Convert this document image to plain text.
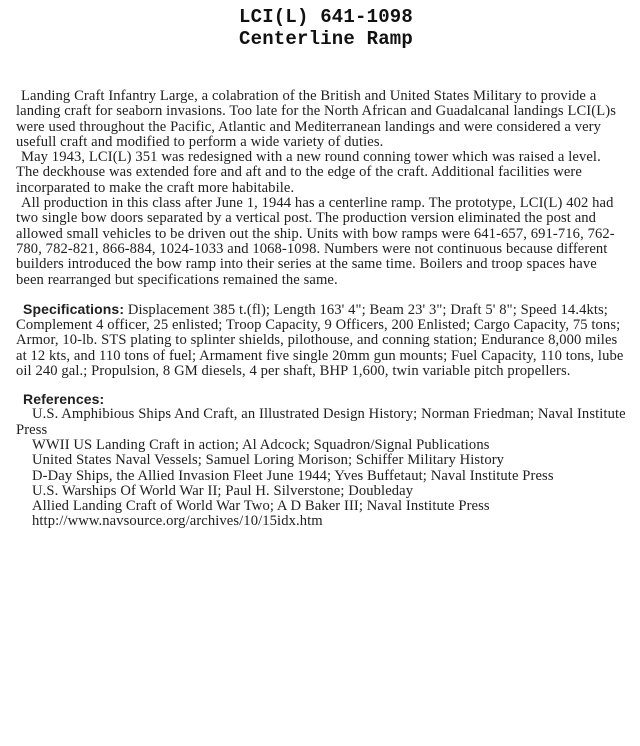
LCI(L) 641-1098
Centerline Ramp

Landing Craft Infantry Large, a colabration of the British and United States Military to provide a landing craft for seaborn invasions. Too late for the North African and Guadalcanal landings LCI(L)s were used throughout the Pacific, Atlantic and Mediterranean landings and were considered a very usefull craft and modified to perform a wide variety of duties.

May 1943, LCI(L) 351 was redesigned with a new round conning tower which was raised a level. The deckhouse was extended fore and aft and to the edge of the craft. Additional facilities were incorparated to make the craft more habitabile.

All production in this class after June 1, 1944 has a centerline ramp. The prototype, LCI(L) 402 had two single bow doors separated by a vertical post. The production version eliminated the post and allowed small vehicles to be driven out the ship. Units with bow ramps were 641-657, 691-716, 762-780, 782-821, 866-884, 1024-1033 and 1068-1098. Numbers were not continuous because different builders introduced the bow ramp into their series at the same time. Boilers and troop spaces have been rearranged but specifications remained the same.

Specifications: Displacement 385 t.(fl); Length 163' 4"; Beam 23' 3"; Draft 5' 8"; Speed 14.4kts; Complement 4 officer, 25 enlisted; Troop Capacity, 9 Officers, 200 Enlisted; Cargo Capacity, 75 tons; Armor, 10-lb. STS plating to splinter shields, pilothouse, and conning station; Endurance 8,000 miles at 12 kts, and 110 tons of fuel; Armament five single 20mm gun mounts; Fuel Capacity, 110 tons, lube oil 240 gal.; Propulsion, 8 GM diesels, 4 per shaft, BHP 1,600, twin variable pitch propellers.
References:

U.S. Amphibious Ships And Craft, an Illustrated Design History; Norman Friedman; Naval Institute Press

WWII US Landing Craft in action; Al Adcock; Squadron/Signal Publications

United States Naval Vessels; Samuel Loring Morison; Schiffer Military History

D-Day Ships, the Allied Invasion Fleet June 1944; Yves Buffetaut; Naval Institute Press

U.S. Warships Of World War II; Paul H. Silverstone; Doubleday

Allied Landing Craft of World War Two; A D Baker III; Naval Institute Press

http://www.navsource.org/archives/10/15idx.htm
